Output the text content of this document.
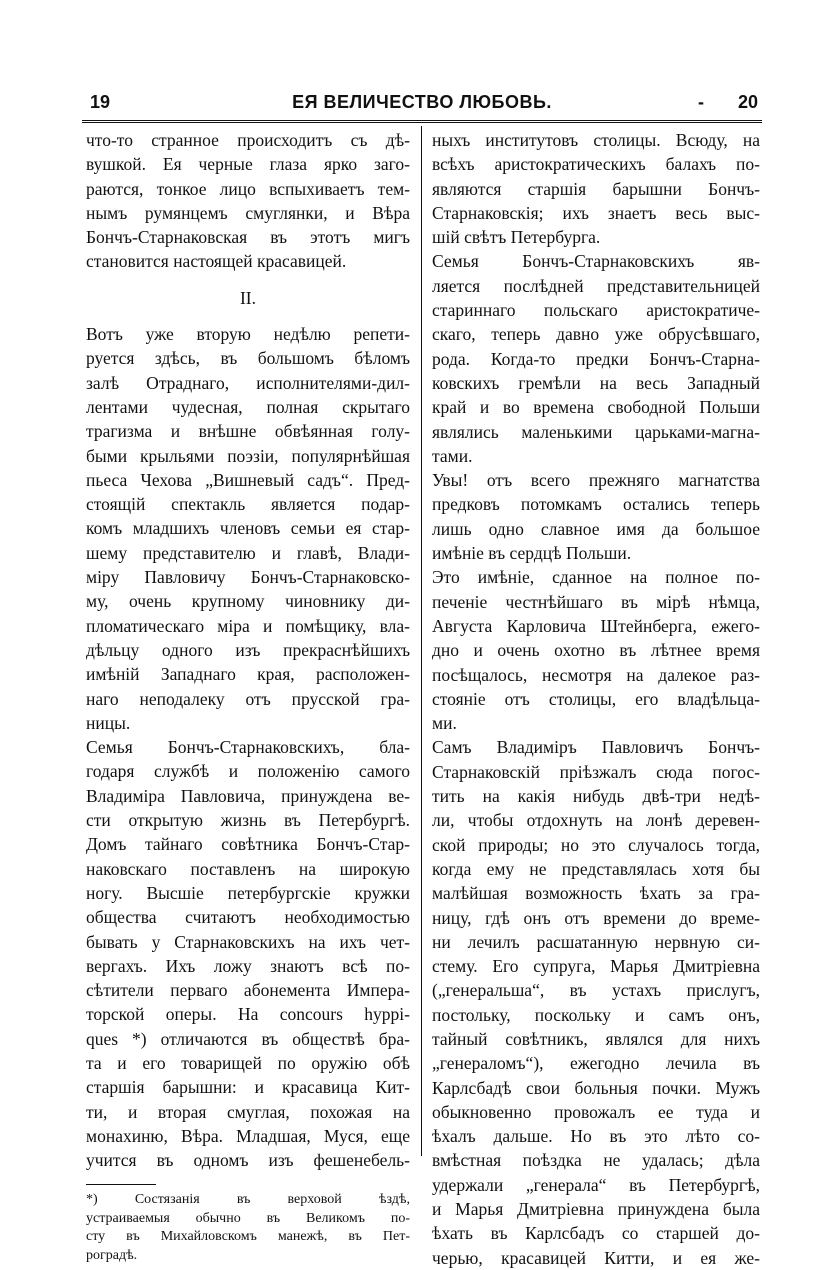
19	ЕЯ ВЕЛИЧЕСТВО ЛЮБОВЬ.	- 20
что-то странное происходитъ съ дѣ-
вушкой. Ея черные глаза ярко заго-
раются, тонкое лицо вспыхиваетъ тем-
нымъ румянцемъ смуглянки, и Вѣра
Бончъ-Старнаковская въ этотъ мигъ
становится настоящей красавицей.
II.
Вотъ уже вторую недѣлю репети-
руется здѣсь, въ большомъ бѣломъ
залѣ Отраднаго, исполнителями-дил-
лентами чудесная, полная скрытаго
трагизма и внѣшне обвѣянная голу-
быми крыльями поэзіи, популярнѣйшая
пьеса Чехова „Вишневый садъ“. Пред-
стоящій спектакль является подар-
комъ младшихъ членовъ семьи ея стар-
шему представителю и главѣ, Влади-
міру Павловичу Бончъ-Старнаковско-
му, очень крупному чиновнику ди-
пломатическаго міра и помѣщику, вла-
дѣльцу одного изъ прекраснѣйшихъ
имѣній Западнаго края, расположен-
наго неподалеку отъ прусской гра-
ницы.
Семья Бончъ-Старнаковскихъ, бла-
годаря службѣ и положенію самого
Владиміра Павловича, принуждена ве-
сти открытую жизнь въ Петербургѣ.
Домъ тайнаго совѣтника Бончъ-Стар-
наковскаго поставленъ на широкую
ногу. Высшіе петербургскіе кружки
общества считаютъ необходимостью
бывать у Старнаковскихъ на ихъ чет-
вергахъ. Ихъ ложу знаютъ всѣ по-
сѣтители перваго абонемента Импера-
торской оперы. На concours hyppi-
ques *) отличаются въ обществѣ бра-
та и его товарищей по оружію обѣ
старшія барышни: и красавица Кит-
ти, и вторая смуглая, похожая на
монахиню, Вѣра. Младшая, Муся, еще
учится въ одномъ изъ фешенебель-
*) Состязанія въ верховой ѣздѣ,
устраиваемыя обычно въ Великомъ по-
сту въ Михайловскомъ манежѣ, въ Пет-
роградѣ.
ныхъ институтовъ столицы. Всюду, на
всѣхъ аристократическихъ балахъ по-
являются старшія барышни Бончъ-
Старнаковскія; ихъ знаетъ весь выс-
шій свѣтъ Петербурга.
Семья Бончъ-Старнаковскихъ яв-
ляется послѣдней представительницей
стариннаго польскаго аристократиче-
скаго, теперь давно уже обрусѣвшаго,
рода. Когда-то предки Бончъ-Старна-
ковскихъ гремѣли на весь Западный
край и во времена свободной Польши
являлись маленькими царьками-магна-
тами.
Увы! отъ всего прежняго магнатства
предковъ потомкамъ остались теперь
лишь одно славное имя да большое
имѣніе въ сердцѣ Польши.
Это имѣніе, сданное на полное по-
печеніе честнѣйшаго въ мірѣ нѣмца,
Августа Карловича Штейнберга, ежего-
дно и очень охотно въ лѣтнее время
посѣщалось, несмотря на далекое раз-
стояніе отъ столицы, его владѣльца-
ми.
Самъ Владиміръ Павловичъ Бончъ-
Старнаковскій пріѣзжалъ сюда погос-
тить на какія нибудь двѣ-три недѣ-
ли, чтобы отдохнуть на лонѣ деревен-
ской природы; но это случалось тогда,
когда ему не представлялась хотя бы
малѣйшая возможность ѣхать за гра-
ницу, гдѣ онъ отъ времени до време-
ни лечилъ расшатанную нервную си-
стему. Его супруга, Марья Дмитріевна
(„генеральша“, въ устахъ прислугъ,
постольку, поскольку и самъ онъ,
тайный совѣтникъ, являлся для нихъ
„генераломъ“), ежегодно лечила въ
Карлсбадѣ свои больныя почки. Мужъ
обыкновенно провожалъ ее туда и
ѣхалъ дальше. Но въ это лѣто со-
вмѣстная поѣздка не удалась; дѣла
удержали „генерала“ въ Петербургѣ,
и Марья Дмитріевна принуждена была
ѣхать въ Карлсбадъ со старшей до-
черью, красавицей Китти, и ея же-
